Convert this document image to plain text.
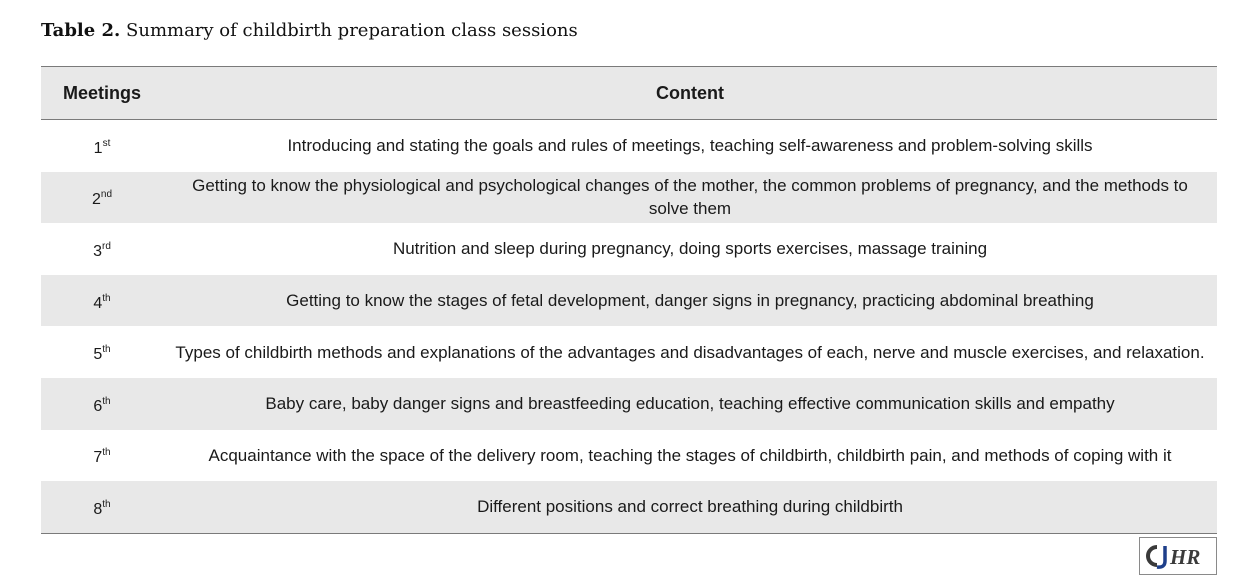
Table 2. Summary of childbirth preparation class sessions
Meetings	Content
1st	Introducing and stating the goals and rules of meetings, teaching self-awareness and problem-solving skills
2nd	Getting to know the physiological and psychological changes of the mother, the common problems of pregnancy, and the methods to solve them
3rd	Nutrition and sleep during pregnancy, doing sports exercises, massage training
4th	Getting to know the stages of fetal development, danger signs in pregnancy, practicing abdominal breathing
5th	Types of childbirth methods and explanations of the advantages and disadvantages of each, nerve and muscle exercises, and relaxation.
6th	Baby care, baby danger signs and breastfeeding education, teaching effective communication skills and empathy
7th	Acquaintance with the space of the delivery room, teaching the stages of childbirth, childbirth pain, and methods of coping with it
8th	Different positions and correct breathing during childbirth
HR
